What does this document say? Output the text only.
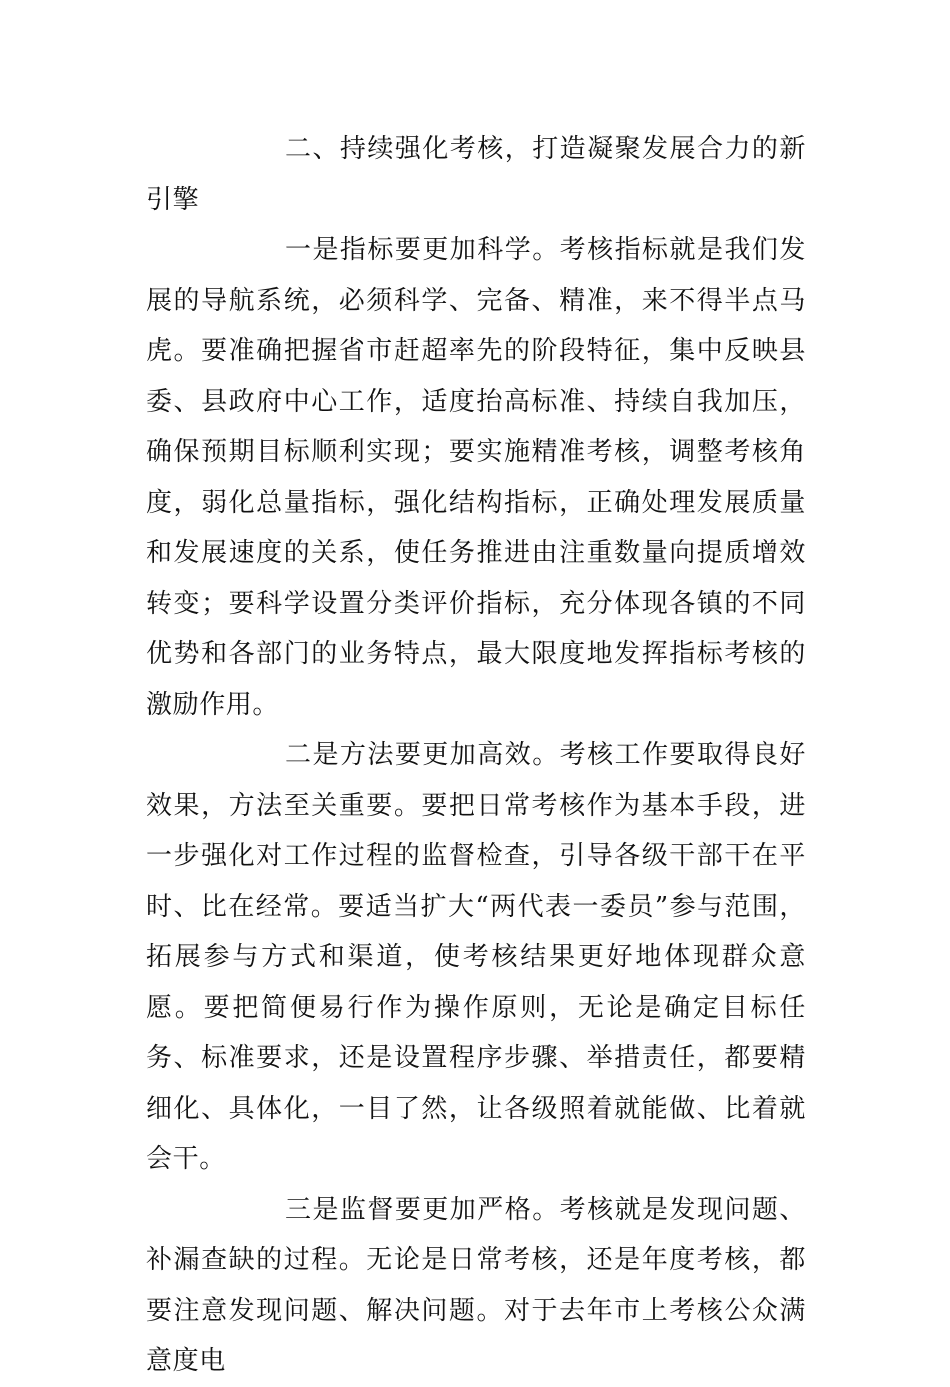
二、持续强化考核，打造凝聚发展合力的新引擎

一是指标要更加科学。考核指标就是我们发展的导航系统，必须科学、完备、精准，来不得半点马虎。要准确把握省市赶超率先的阶段特征，集中反映县委、县政府中心工作，适度抬高标准、持续自我加压，确保预期目标顺利实现；要实施精准考核，调整考核角度，弱化总量指标，强化结构指标，正确处理发展质量和发展速度的关系，使任务推进由注重数量向提质增效转变；要科学设置分类评价指标，充分体现各镇的不同优势和各部门的业务特点，最大限度地发挥指标考核的激励作用。

二是方法要更加高效。考核工作要取得良好效果，方法至关重要。要把日常考核作为基本手段，进一步强化对工作过程的监督检查，引导各级干部干在平时、比在经常。要适当扩大“两代表一委员”参与范围，拓展参与方式和渠道，使考核结果更好地体现群众意愿。要把简便易行作为操作原则，无论是确定目标任务、标准要求，还是设置程序步骤、举措责任，都要精细化、具体化，一目了然，让各级照着就能做、比着就会干。

三是监督要更加严格。考核就是发现问题、补漏查缺的过程。无论是日常考核，还是年度考核，都要注意发现问题、解决问题。对于去年市上考核公众满意度电
